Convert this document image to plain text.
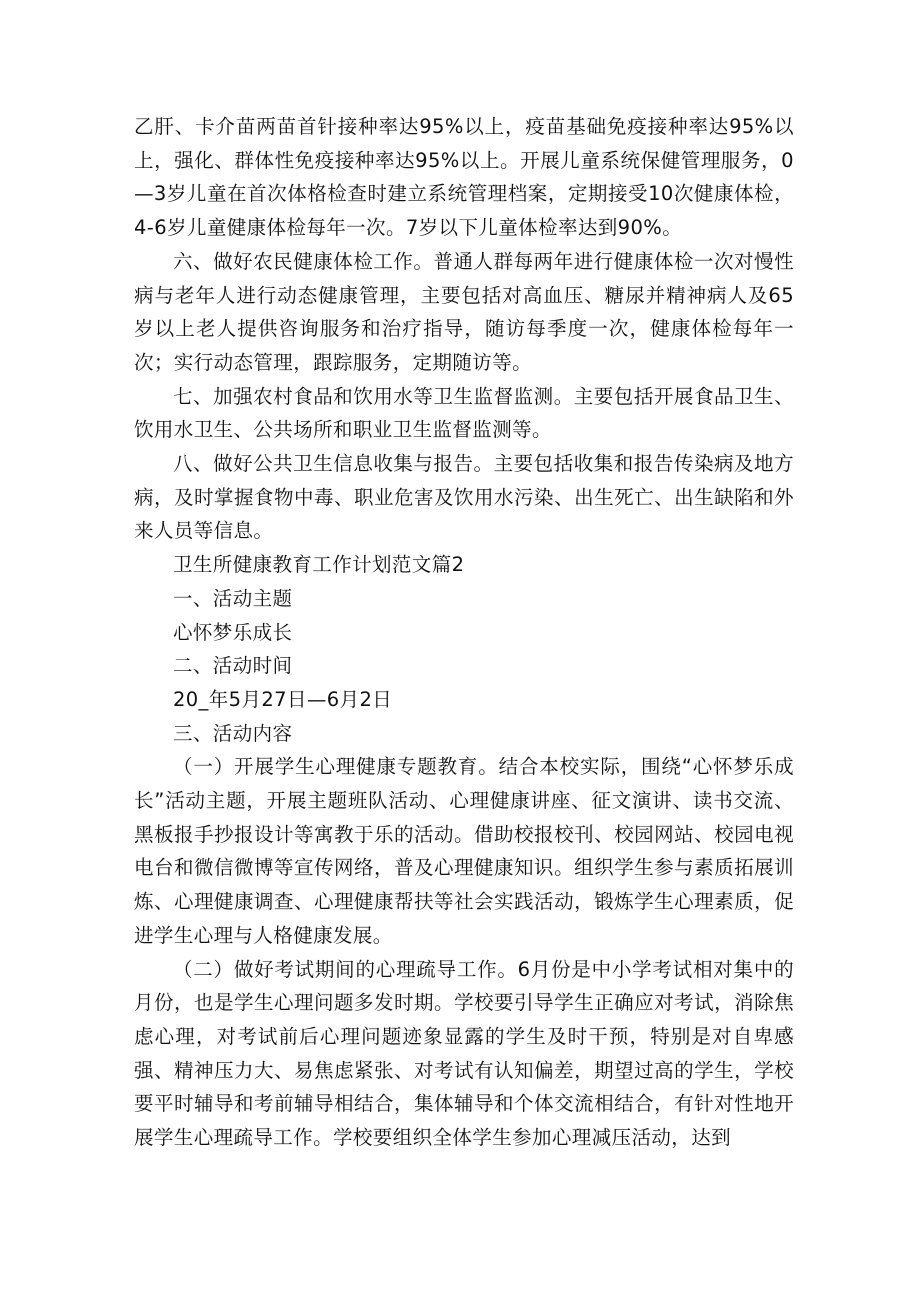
乙肝、卡介苗两苗首针接种率达95%以上，疫苗基础免疫接种率达95%以上，强化、群体性免疫接种率达95%以上。开展儿童系统保健管理服务，0—3岁儿童在首次体格检查时建立系统管理档案，定期接受10次健康体检，4-6岁儿童健康体检每年一次。7岁以下儿童体检率达到90%。

六、做好农民健康体检工作。普通人群每两年进行健康体检一次对慢性病与老年人进行动态健康管理，主要包括对高血压、糖尿并精神病人及65岁以上老人提供咨询服务和治疗指导，随访每季度一次，健康体检每年一次；实行动态管理，跟踪服务，定期随访等。

七、加强农村食品和饮用水等卫生监督监测。主要包括开展食品卫生、饮用水卫生、公共场所和职业卫生监督监测等。

八、做好公共卫生信息收集与报告。主要包括收集和报告传染病及地方病，及时掌握食物中毒、职业危害及饮用水污染、出生死亡、出生缺陷和外来人员等信息。

卫生所健康教育工作计划范文篇2

一、活动主题

心怀梦乐成长

二、活动时间

20_年5月27日—6月2日

三、活动内容

（一）开展学生心理健康专题教育。结合本校实际，围绕“心怀梦乐成长”活动主题，开展主题班队活动、心理健康讲座、征文演讲、读书交流、黑板报手抄报设计等寓教于乐的活动。借助校报校刊、校园网站、校园电视电台和微信微博等宣传网络，普及心理健康知识。组织学生参与素质拓展训炼、心理健康调查、心理健康帮扶等社会实践活动，锻炼学生心理素质，促进学生心理与人格健康发展。

（二）做好考试期间的心理疏导工作。6月份是中小学考试相对集中的月份，也是学生心理问题多发时期。学校要引导学生正确应对考试，消除焦虑心理，对考试前后心理问题迹象显露的学生及时干预，特别是对自卑感强、精神压力大、易焦虑紧张、对考试有认知偏差，期望过高的学生，学校要平时辅导和考前辅导相结合，集体辅导和个体交流相结合，有针对性地开展学生心理疏导工作。学校要组织全体学生参加心理减压活动，达到
